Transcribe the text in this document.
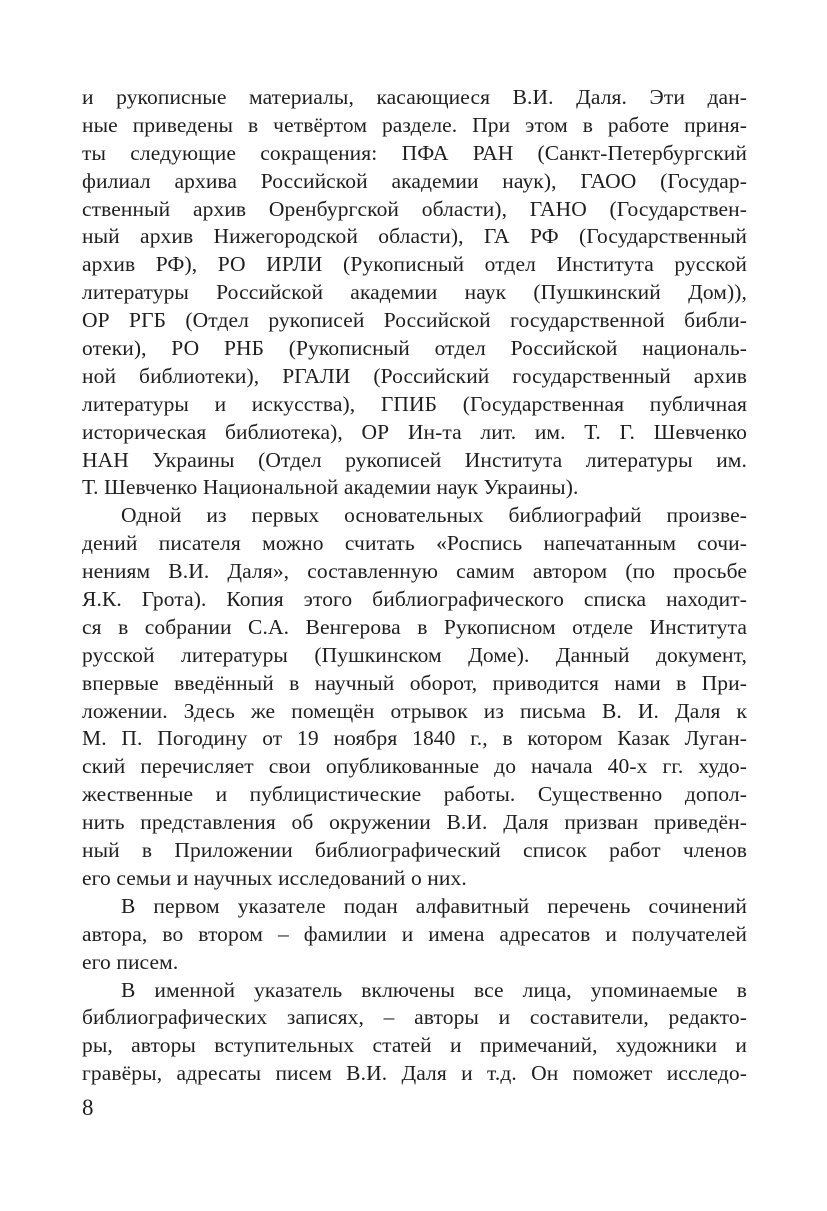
и рукописные материалы, касающиеся В.И. Даля. Эти дан-
ные приведены в четвёртом разделе. При этом в работе приня-
ты следующие сокращения: ПФА РАН (Санкт-Петербургский
филиал архива Российской академии наук), ГАОО (Государ-
ственный архив Оренбургской области), ГАНО (Государствен-
ный архив Нижегородской области), ГА РФ (Государственный
архив РФ), РО ИРЛИ (Рукописный отдел Института русской
литературы Российской академии наук (Пушкинский Дом)),
ОР РГБ (Отдел рукописей Российской государственной библи-
отеки), РО РНБ (Рукописный отдел Российской националь-
ной библиотеки), РГАЛИ (Российский государственный архив
литературы и искусства), ГПИБ (Государственная публичная
историческая библиотека), ОР Ин-та лит. им. Т. Г. Шевченко
НАН Украины (Отдел рукописей Института литературы им.
Т. Шевченко Национальной академии наук Украины).
Одной из первых основательных библиографий произве-
дений писателя можно считать «Роспись напечатанным сочи-
нениям В.И. Даля», составленную самим автором (по просьбе
Я.К. Грота). Копия этого библиографического списка находит-
ся в собрании С.А. Венгерова в Рукописном отделе Института
русской литературы (Пушкинском Доме). Данный документ,
впервые введённый в научный оборот, приводится нами в При-
ложении. Здесь же помещён отрывок из письма В. И. Даля к
М. П. Погодину от 19 ноября 1840 г., в котором Казак Луган-
ский перечисляет свои опубликованные до начала 40-х гг. худо-
жественные и публицистические работы. Существенно допол-
нить представления об окружении В.И. Даля призван приведён-
ный в Приложении библиографический список работ членов
его семьи и научных исследований о них.
В первом указателе подан алфавитный перечень сочинений
автора, во втором – фамилии и имена адресатов и получателей
его писем.
В именной указатель включены все лица, упоминаемые в
библиографических записях, – авторы и составители, редакто-
ры, авторы вступительных статей и примечаний, художники и
гравёры, адресаты писем В.И. Даля и т.д. Он поможет исследо-
8
